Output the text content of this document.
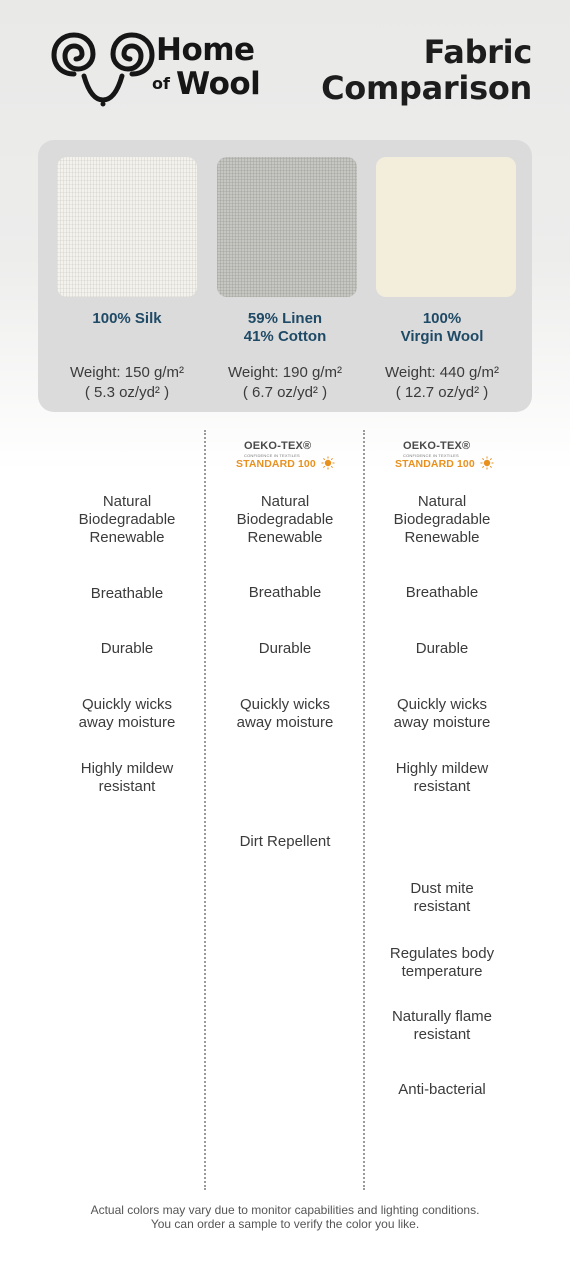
Home
of Wool
Fabric
Comparison
100% Silk	59% Linen
41% Cotton
100%
Virgin Wool
Weight: 150 g/m²
( 5.3 oz/yd² )
Weight: 190 g/m²
( 6.7 oz/yd² )
Weight: 440 g/m²
( 12.7 oz/yd² )
OEKO-TEX®
CONFIDENCE IN TEXTILES
STANDARD 100
OEKO-TEX®
CONFIDENCE IN TEXTILES
STANDARD 100
Natural
Biodegradable
Renewable
Breathable
Durable
Quickly wicks
away moisture
Highly mildew
resistant
Natural
Biodegradable
Renewable
Breathable
Durable
Quickly wicks
away moisture
Dirt Repellent
Natural
Biodegradable
Renewable
Breathable
Durable
Quickly wicks
away moisture
Highly mildew
resistant
Dust mite
resistant
Regulates body
temperature
Naturally flame
resistant
Anti-bacterial
Actual colors may vary due to monitor capabilities and lighting conditions.
You can order a sample to verify the color you like.
